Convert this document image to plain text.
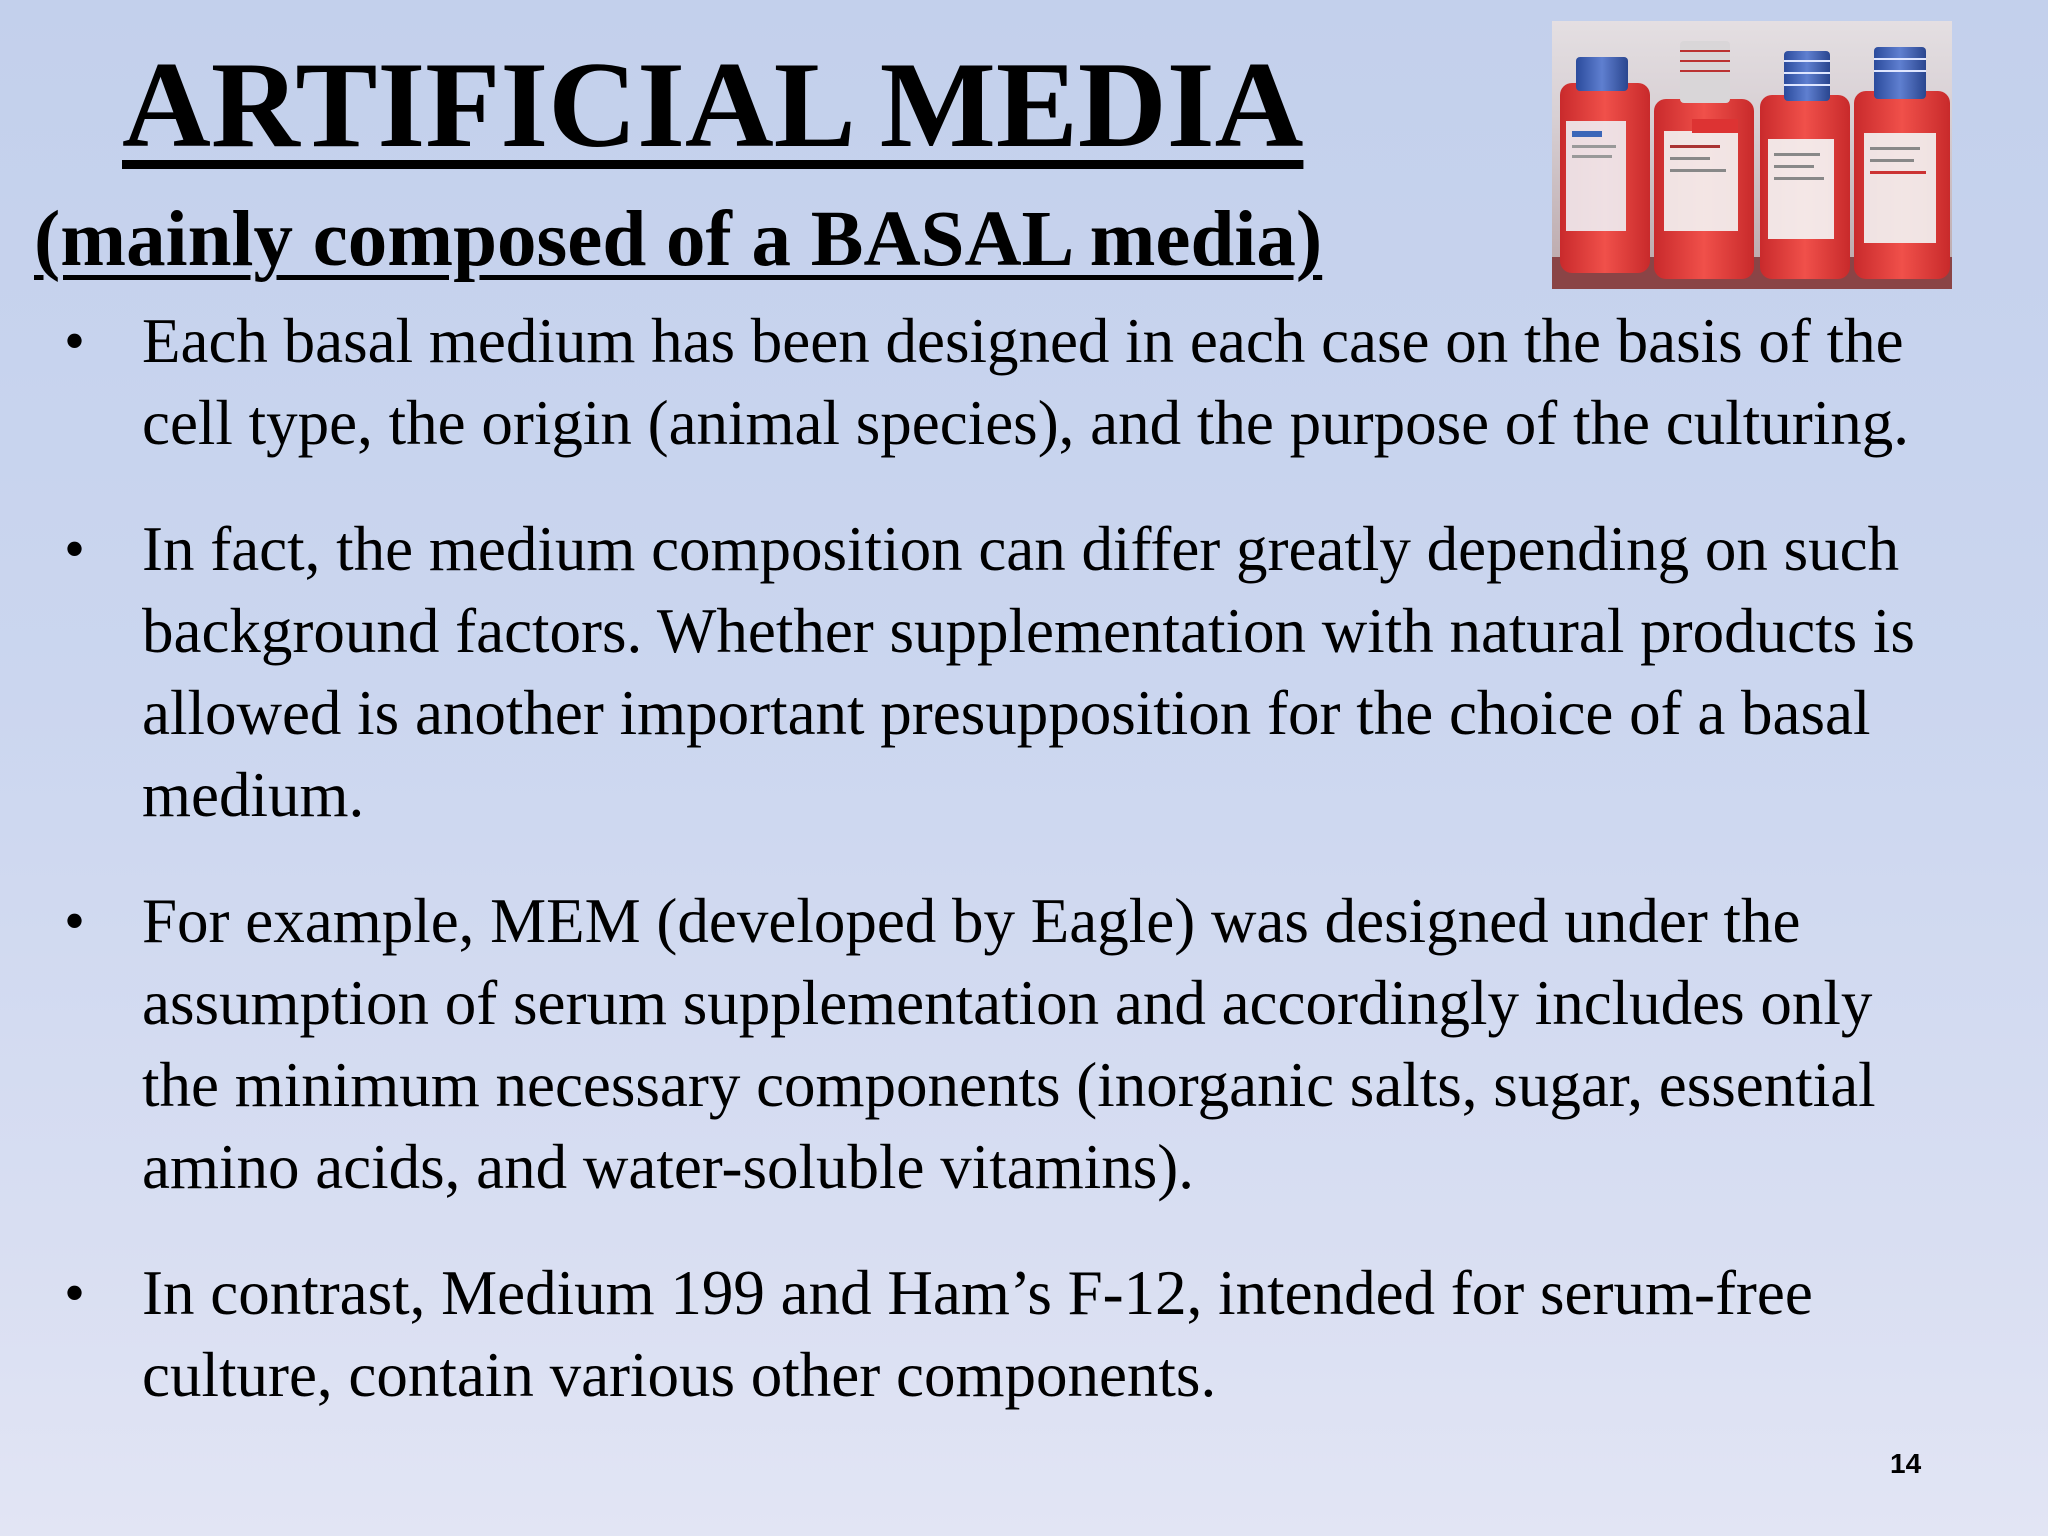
ARTIFICIAL MEDIA
(mainly composed of a BASAL media)
• Each basal medium has been designed in each case on the basis of the cell type, the origin (animal species), and the purpose of the culturing.
• In fact, the medium composition can differ greatly depending on such background factors. Whether supplementation with natural products is allowed is another important presupposition for the choice of a basal medium.
• For example, MEM (developed by Eagle) was designed under the assumption of serum supplementation and accordingly includes only the minimum necessary components (inorganic salts, sugar, essential amino acids, and water-soluble vitamins).
• In contrast, Medium 199 and Ham’s F-12, intended for serum-free culture, contain various other components.
14
